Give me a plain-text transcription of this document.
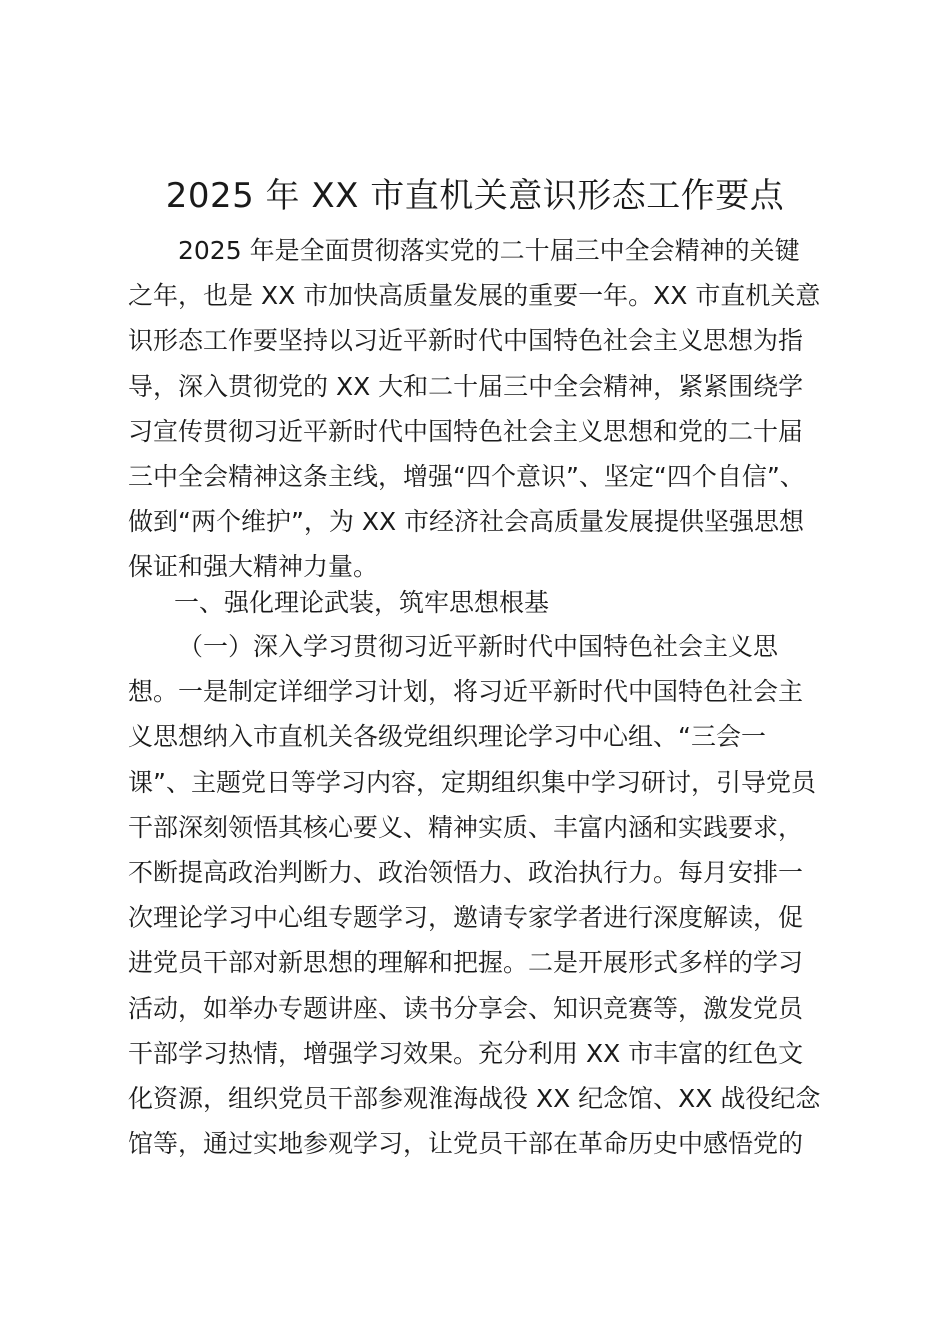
2025 年 XX 市直机关意识形态工作要点
2025 年是全面贯彻落实党的二十届三中全会精神的关键
之年，也是 XX 市加快高质量发展的重要一年。XX 市直机关意
识形态工作要坚持以习近平新时代中国特色社会主义思想为指
导，深入贯彻党的 XX 大和二十届三中全会精神，紧紧围绕学
习宣传贯彻习近平新时代中国特色社会主义思想和党的二十届
三中全会精神这条主线，增强“四个意识”、坚定“四个自信”、
做到“两个维护”，为 XX 市经济社会高质量发展提供坚强思想
保证和强大精神力量。
一、强化理论武装，筑牢思想根基
（一）深入学习贯彻习近平新时代中国特色社会主义思
想。一是制定详细学习计划，将习近平新时代中国特色社会主
义思想纳入市直机关各级党组织理论学习中心组、“三会一
课”、主题党日等学习内容，定期组织集中学习研讨，引导党员
干部深刻领悟其核心要义、精神实质、丰富内涵和实践要求，
不断提高政治判断力、政治领悟力、政治执行力。每月安排一
次理论学习中心组专题学习，邀请专家学者进行深度解读，促
进党员干部对新思想的理解和把握。二是开展形式多样的学习
活动，如举办专题讲座、读书分享会、知识竞赛等，激发党员
干部学习热情，增强学习效果。充分利用 XX 市丰富的红色文
化资源，组织党员干部参观淮海战役 XX 纪念馆、XX 战役纪念
馆等，通过实地参观学习，让党员干部在革命历史中感悟党的
